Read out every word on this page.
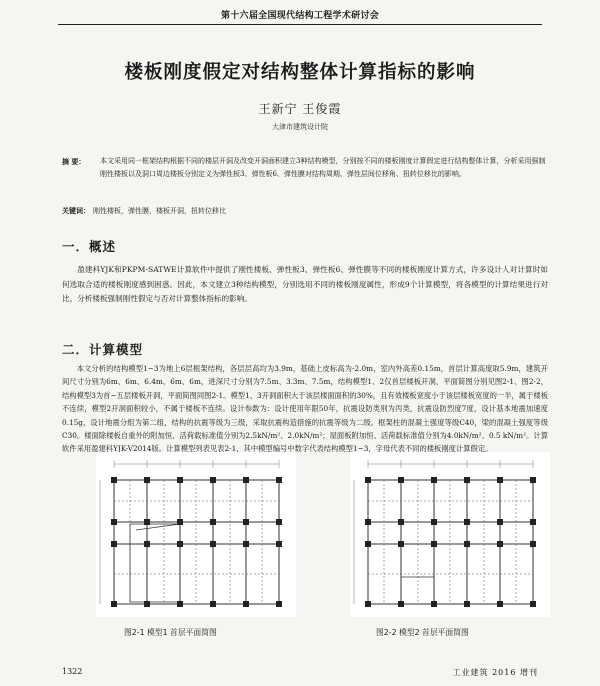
第十六届全国现代结构工程学术研讨会
楼板刚度假定对结构整体计算指标的影响
王新宁 王俊霞
大津市建筑设计院
摘 要：	本文采用同一框架结构根据不同的楼层开洞及改变开洞面积建立3种结构模型，分别按不同的楼板刚度计算假定进行结构整体计算，分析采用强制刚性楼板以及洞口周边楼板分别定义为弹性板3、弹性板6、弹性膜对结构周期、弹性层间位移角、扭转位移比的影响。
关键词： 刚性楼板，弹性膜，楼板开洞，扭转位移比
一．概述

盈建科YJK和PKPM-SATWE计算软件中提供了刚性楼板、弹性板3、弹性板6、弹性膜等不同的楼板刚度计算方式，许多设计人对计算时如何选取合适的楼板刚度感到困惑。因此，本文建立3种结构模型，分别选用不同的楼板刚度属性，形成9个计算模型，将各模型的计算结果进行对比，分析楼板强制刚性假定与否对计算整体指标的影响。

二．计算模型

本文分析的结构模型1~3为地上6层框架结构，各层层高均为3.9m，基础上皮标高为-2.0m，室内外高差0.15m，首层计算高度取5.9m，建筑开间尺寸分别为6m、6m、6.4m、6m、6m，进深尺寸分别为7.5m、3.3m、7.5m，结构模型1、2仅首层楼板开洞，平面简图分别见图2-1、图2-2，结构模型3为首~五层楼板开洞，平面简图同图2-1。模型1、3开洞面积大于该层楼面面积的30%，且有效楼板宽度小于该层楼板宽度的一半，属于楼板不连续，模型2开洞面积较小，不属于楼板不连续。设计参数为：设计使用年限50年，抗震设防类别为丙类，抗震设防烈度7度，设计基本地震加速度0.15g，设计地震分组为第二组，结构的抗震等级为三级，采取抗震构造措施的抗震等级为二级。框架柱的混凝土强度等级C40，梁的混凝土强度等级C30。楼面除楼板自重外的附加恒、活荷载标准值分别为2.5kN/m²、2.0kN/m²；屋面板附加恒、活荷载标准值分别为4.0kN/m²、0.5 kN/m²。计算软件采用盈建科YJK-V2014版。计算模型列表见表2-1，其中模型编号中数字代表结构模型1~3，字母代表不同的楼板刚度计算假定。

图2-1 模型1 首层平面简图	图2-2 模型2 首层平面简图
1322	工业建筑 2016 增刊
